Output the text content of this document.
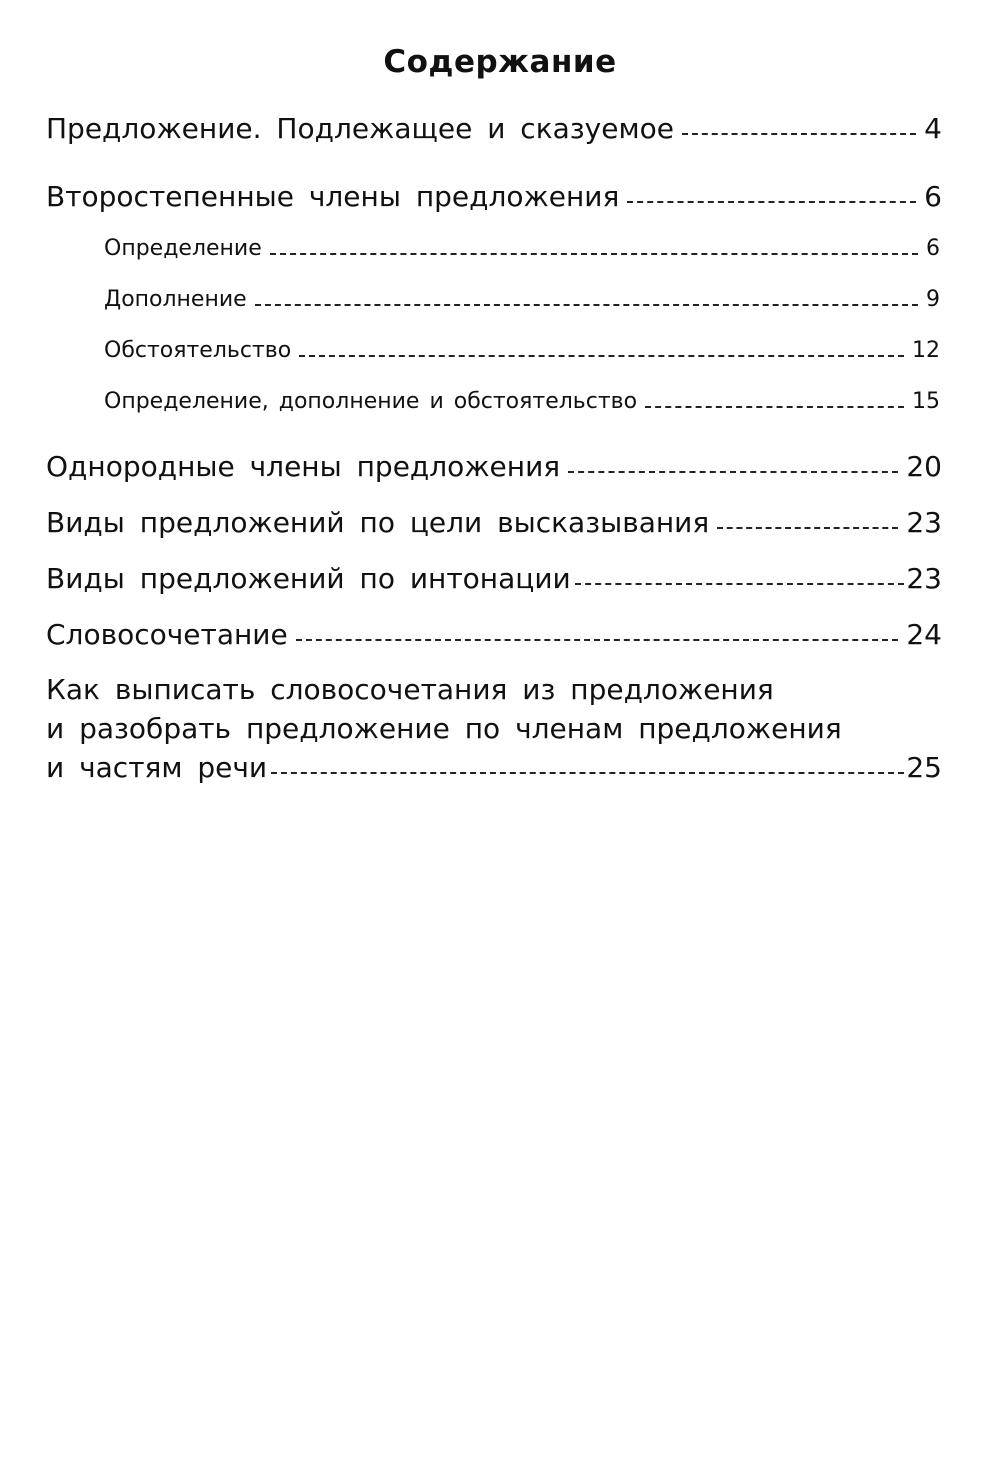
Содержание
Предложение. Подлежащее и сказуемое	4
Второстепенные члены предложения	6
Определение	6
Дополнение	9
Обстоятельство	12
Определение, дополнение и обстоятельство	15
Однородные члены предложения	20
Виды предложений по цели высказывания	23
Виды предложений по интонации	23
Словосочетание	24
Как выписать словосочетания из предложения
и разобрать предложение по членам предложения
и частям речи	25
